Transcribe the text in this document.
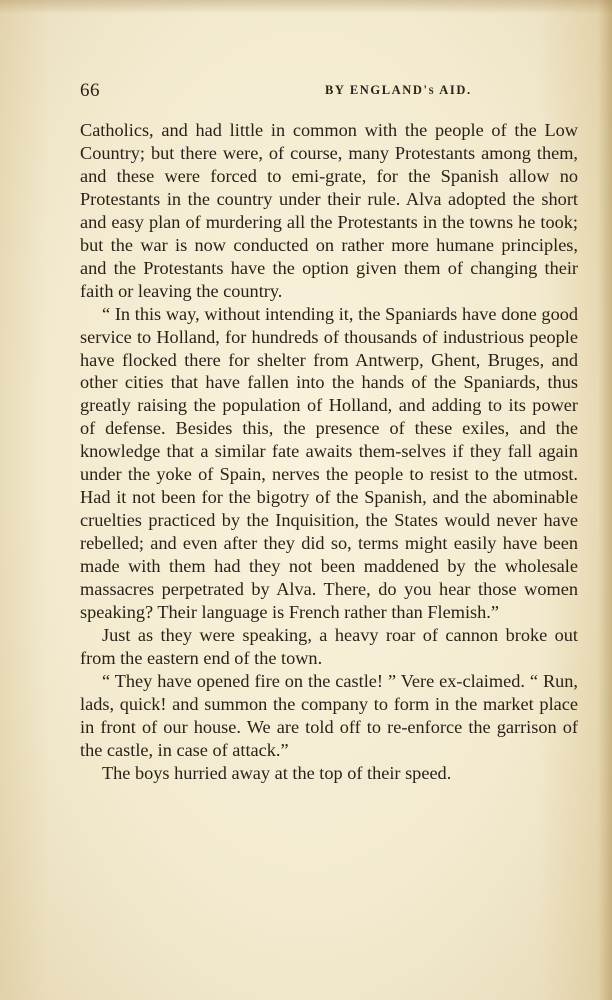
66	BY ENGLAND's AID.

Catholics, and had little in common with the people of the Low Country; but there were, of course, many Protestants among them, and these were forced to emi-grate, for the Spanish allow no Protestants in the country under their rule. Alva adopted the short and easy plan of murdering all the Protestants in the towns he took; but the war is now conducted on rather more humane principles, and the Protestants have the option given them of changing their faith or leaving the country.

“ In this way, without intending it, the Spaniards have done good service to Holland, for hundreds of thousands of industrious people have flocked there for shelter from Antwerp, Ghent, Bruges, and other cities that have fallen into the hands of the Spaniards, thus greatly raising the population of Holland, and adding to its power of defense. Besides this, the presence of these exiles, and the knowledge that a similar fate awaits them-selves if they fall again under the yoke of Spain, nerves the people to resist to the utmost. Had it not been for the bigotry of the Spanish, and the abominable cruelties practiced by the Inquisition, the States would never have rebelled; and even after they did so, terms might easily have been made with them had they not been maddened by the wholesale massacres perpetrated by Alva. There, do you hear those women speaking? Their language is French rather than Flemish.”

Just as they were speaking, a heavy roar of cannon broke out from the eastern end of the town.

“ They have opened fire on the castle! ” Vere ex-claimed. “ Run, lads, quick! and summon the company to form in the market place in front of our house. We are told off to re-enforce the garrison of the castle, in case of attack.”

The boys hurried away at the top of their speed.
